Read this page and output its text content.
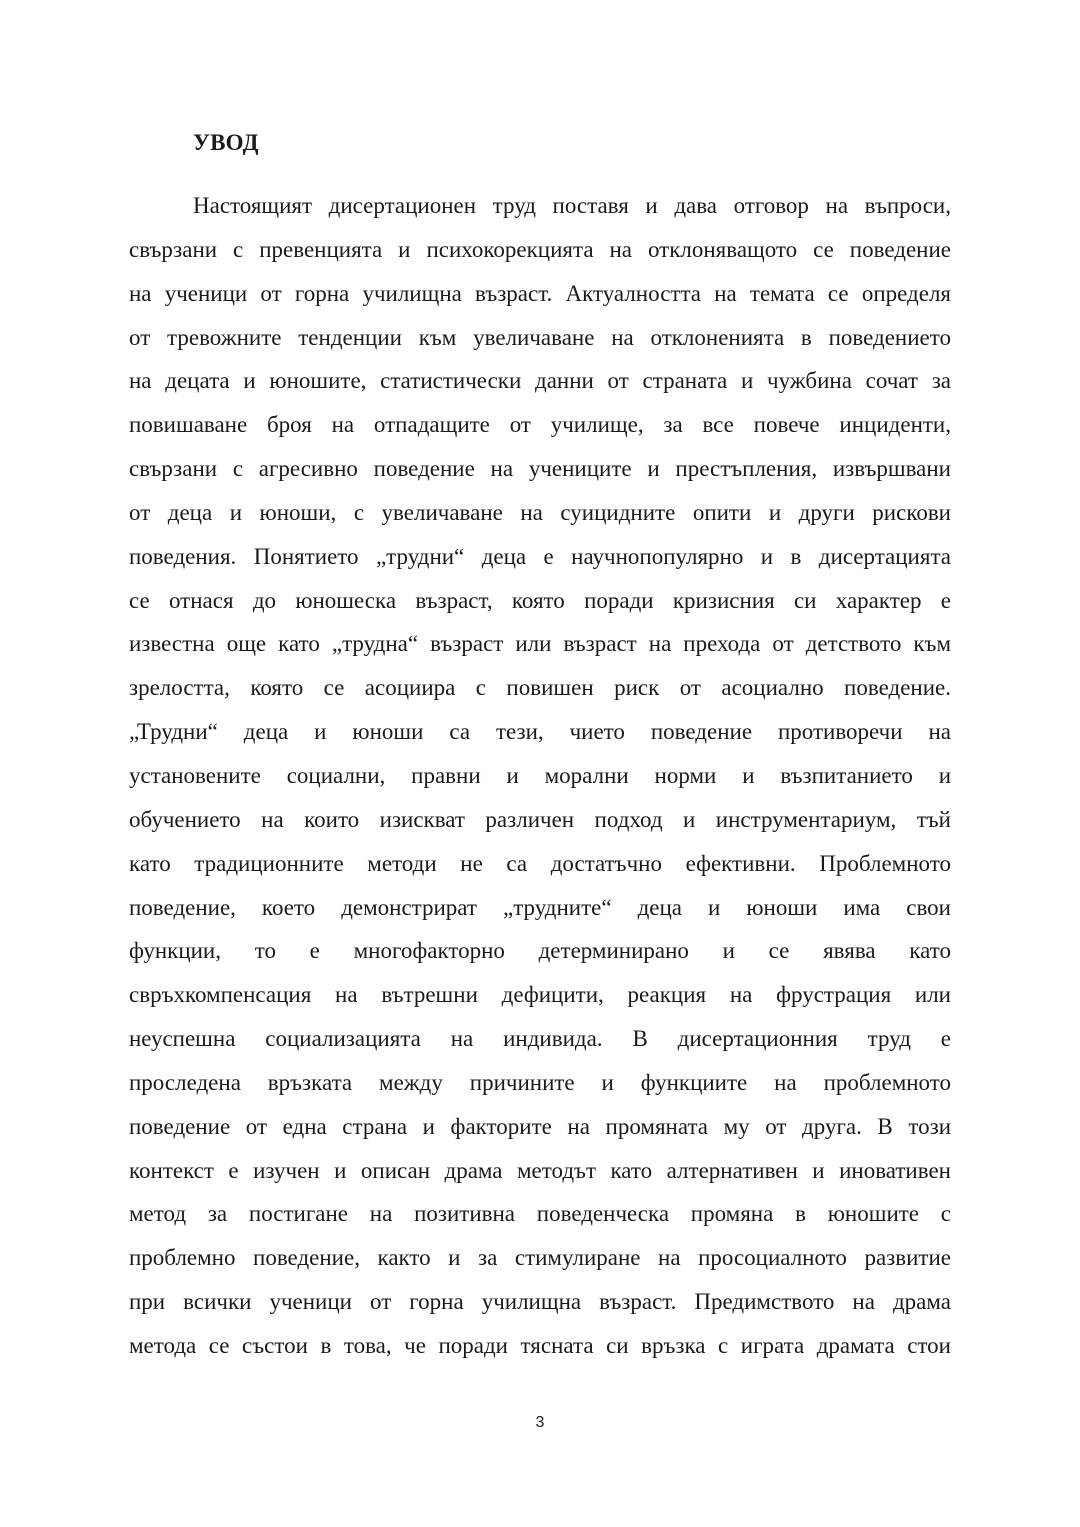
УВОД
Настоящият дисертационен труд поставя и дава отговор на въпроси,
свързани с превенцията и психокорекцията на отклоняващото се поведение
на ученици от горна училищна възраст. Актуалността на темата се определя
от тревожните тенденции към увеличаване на отклоненията в поведението
на децата и юношите, статистически данни от страната и чужбина сочат за
повишаване броя на отпадащите от училище, за все повече инциденти,
свързани с агресивно поведение на учениците и престъпления, извършвани
от деца и юноши, с увеличаване на суицидните опити и други рискови
поведения. Понятието „трудни“ деца е научнопопулярно и в дисертацията
се отнася до юношеска възраст, която поради кризисния си характер е
известна още като „трудна“ възраст или възраст на прехода от детството към
зрелостта, която се асоциира с повишен риск от асоциално поведение.
„Трудни“ деца и юноши са тези, чието поведение противоречи на
установените социални, правни и морални норми и възпитанието и
обучението на които изискват различен подход и инструментариум, тъй
като традиционните методи не са достатъчно ефективни. Проблемното
поведение, което демонстрират „трудните“ деца и юноши има свои
функции, то е многофакторно детерминирано и се явява като
свръхкомпенсация на вътрешни дефицити, реакция на фрустрация или
неуспешна социализацията на индивида. В дисертационния труд е
проследена връзката между причините и функциите на проблемното
поведение от една страна и факторите на промяната му от друга. В този
контекст е изучен и описан драма методът като алтернативен и иновативен
метод за постигане на позитивна поведенческа промяна в юношите с
проблемно поведение, както и за стимулиране на просоциалното развитие
при всички ученици от горна училищна възраст. Предимството на драма
метода се състои в това, че поради тясната си връзка с играта драмата стои
3
